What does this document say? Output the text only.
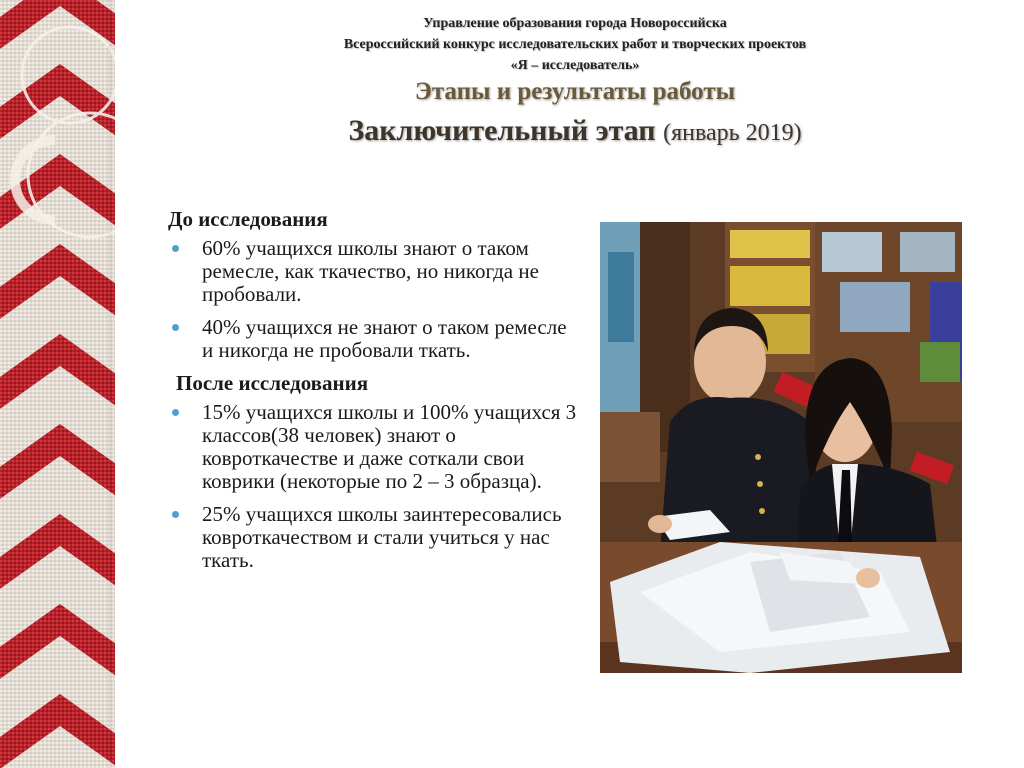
Управление образования города Новороссийска
Всероссийский конкурс исследовательских работ и творческих проектов
«Я – исследователь»
Этапы и результаты работы
Заключительный этап (январь 2019)
До исследования
60% учащихся школы знают о таком ремесле, как ткачество, но никогда не пробовали.
40% учащихся не знают о таком ремесле и никогда не пробовали ткать.
После исследования
15% учащихся школы и 100% учащихся 3 классов(38 человек) знают о ковроткачестве и даже соткали свои коврики (некоторые по 2 – 3 образца).
25% учащихся школы заинтересовались ковроткачеством и стали учиться у нас ткать.
